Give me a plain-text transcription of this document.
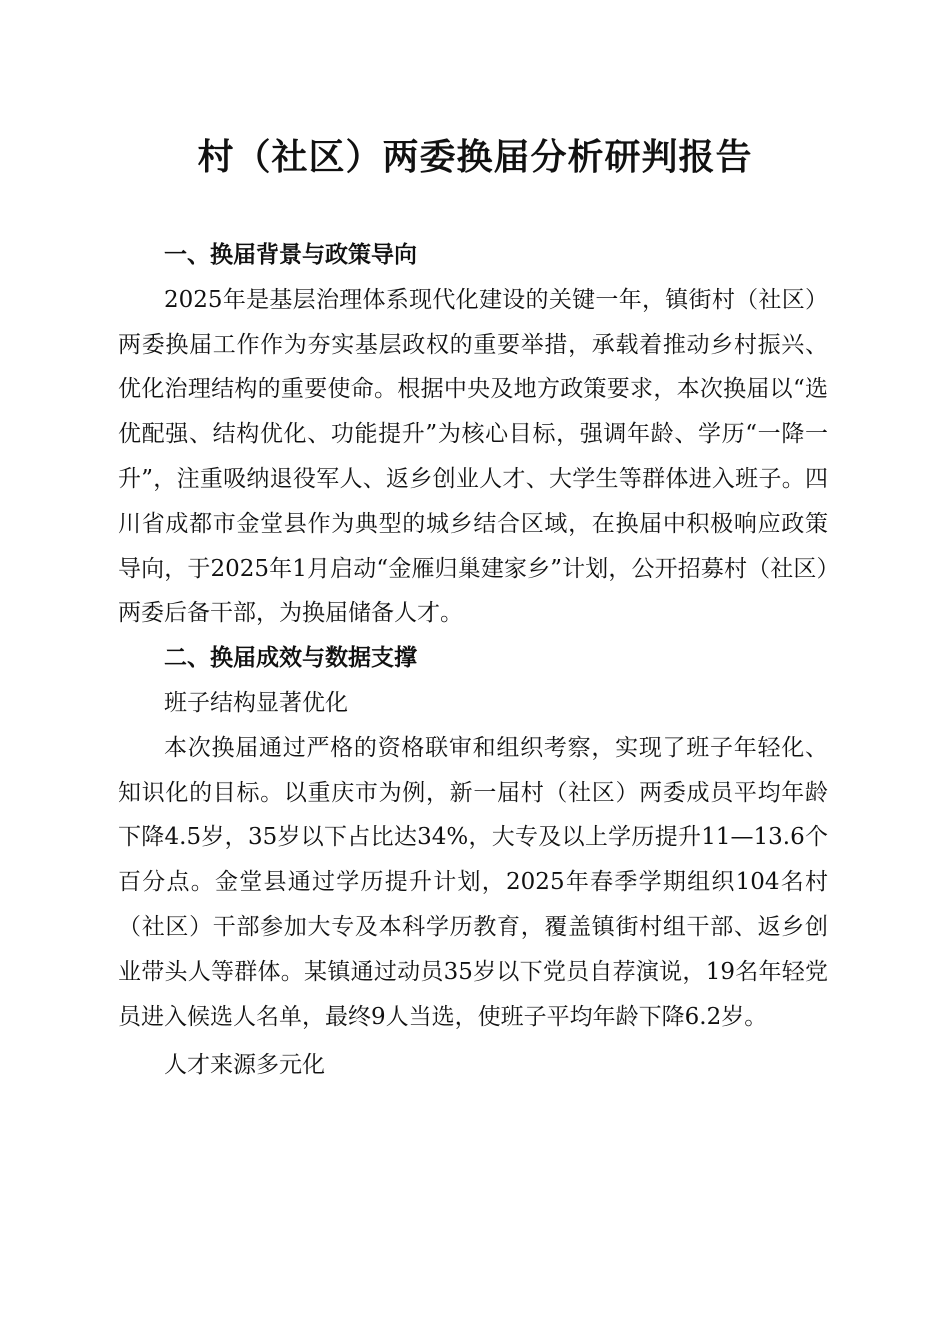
村（社区）两委换届分析研判报告

一、换届背景与政策导向

2025年是基层治理体系现代化建设的关键一年，镇街村（社区）两委换届工作作为夯实基层政权的重要举措，承载着推动乡村振兴、优化治理结构的重要使命。根据中央及地方政策要求，本次换届以“选优配强、结构优化、功能提升”为核心目标，强调年龄、学历“一降一升”，注重吸纳退役军人、返乡创业人才、大学生等群体进入班子。四川省成都市金堂县作为典型的城乡结合区域，在换届中积极响应政策导向，于2025年1月启动“金雁归巢建家乡”计划，公开招募村（社区）两委后备干部，为换届储备人才。

二、换届成效与数据支撑

班子结构显著优化

本次换届通过严格的资格联审和组织考察，实现了班子年轻化、知识化的目标。以重庆市为例，新一届村（社区）两委成员平均年龄下降4.5岁，35岁以下占比达34%，大专及以上学历提升11—13.6个百分点。金堂县通过学历提升计划，2025年春季学期组织104名村（社区）干部参加大专及本科学历教育，覆盖镇街村组干部、返乡创业带头人等群体。某镇通过动员35岁以下党员自荐演说，19名年轻党员进入候选人名单，最终9人当选，使班子平均年龄下降6.2岁。

人才来源多元化
